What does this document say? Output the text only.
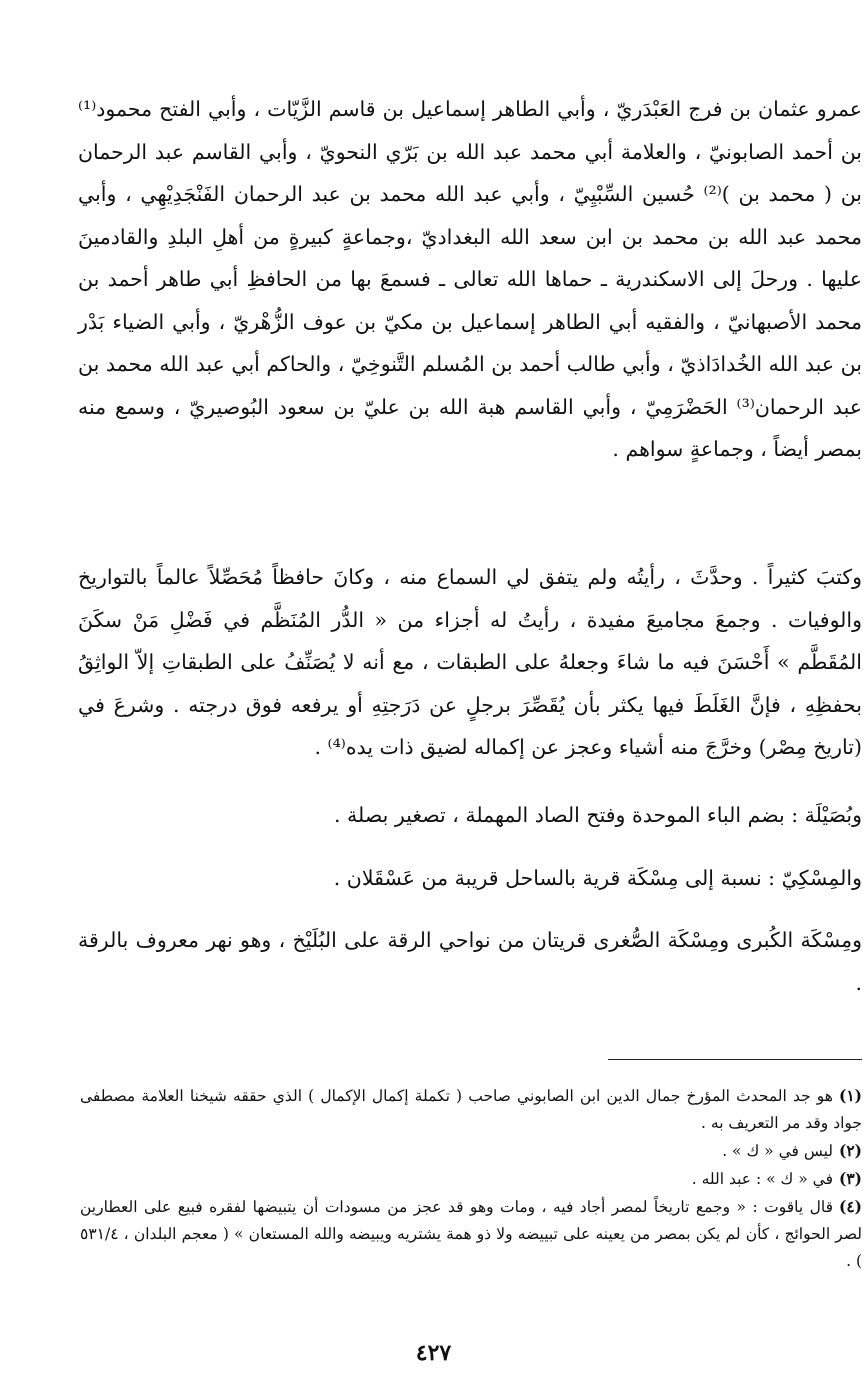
عمرو عثمان بن فرج العَبْدَريّ ، وأبي الطاهر إسماعيل بن قاسم الزَّيّات ، وأبي الفتح محمود⁽¹⁾ بن أحمد الصابونيّ ، والعلامة أبي محمد عبد الله بن بَرّي النحويّ ، وأبي القاسم عبد الرحمان بن ( محمد بن )⁽²⁾ حُسين السِّبْيِيّ ، وأبي عبد الله محمد بن عبد الرحمان الفَنْجَدِيْهِي ، وأبي محمد عبد الله بن محمد بن ابن سعد الله البغداديّ ،وجماعةٍ كبيرةٍ من أهلِ البلدِ والقادمينَ عليها . ورحلَ إلى الاسكندرية ـ حماها الله تعالى ـ فسمعَ بها من الحافظِ أبي طاهر أحمد بن محمد الأصبهانيّ ، والفقيه أبي الطاهر إسماعيل بن مكيّ بن عوف الزُّهْريّ ، وأبي الضياء بَدْر بن عبد الله الخُدادَاذيّ ، وأبي طالب أحمد بن المُسلم التَّنوخِيّ ، والحاكم أبي عبد الله محمد بن عبد الرحمان⁽³⁾ الحَضْرَمِيّ ، وأبي القاسم هبة الله بن عليّ بن سعود البُوصيريّ ، وسمع منه بمصر أيضاً ، وجماعةٍ سواهم .

وكتبَ كثيراً . وحدَّثَ ، رأيتُه ولم يتفق لي السماع منه ، وكانَ حافظاً مُحَصِّلاً عالماً بالتواريخ والوفيات . وجمعَ مجاميعَ مفيدة ، رأيتُ له أجزاء من « الدُّر المُنَظَّم في فَضْلِ مَنْ سكَنَ المُقَطَّم » أَحْسَنَ فيه ما شاءَ وجعلهُ على الطبقات ، مع أنه لا يُصَنِّفُ على الطبقاتِ إلاّ الواثِقُ بحفظِهِ ، فإنَّ الغَلَطَ فيها يكثر بأن يُقَصِّرَ برجلٍ عن دَرَجتِهِ أو يرفعه فوق درجته . وشرعَ في (تاريخ مِصْر) وخرَّجَ منه أشياء وعجز عن إكماله لضيق ذات يده⁽⁴⁾ .

وبُصَيْلَة : بضم الباء الموحدة وفتح الصاد المهملة ، تصغير بصلة .

والمِسْكِيّ : نسبة إلى مِسْكَة قرية بالساحل قريبة من عَسْقَلان .

ومِسْكَة الكُبرى ومِسْكَة الصُّغرى قريتان من نواحي الرقة على البُلَيْخ ، وهو نهر معروف بالرقة .

(١)هو جد المحدث المؤرخ جمال الدين ابن الصابوني صاحب ( تكملة إكمال الإكمال ) الذي حققه شيخنا العلامة مصطفى جواد وقد مر التعريف به .

(٢)ليس في « ك » .

(٣)في « ك » : عبد الله .

(٤)قال ياقوت : « وجمع تاريخاً لمصر أجاد فيه ، ومات وهو قد عجز من مسودات أن يتبيضها لفقره فبيع على العطارين لصر الحوائج ، كأن لم يكن بمصر من يعينه على تبييضه ولا ذو همة يشتريه ويبيضه والله المستعان » ( معجم البلدان ، ٥٣١/٤ ) .

٤٢٧
